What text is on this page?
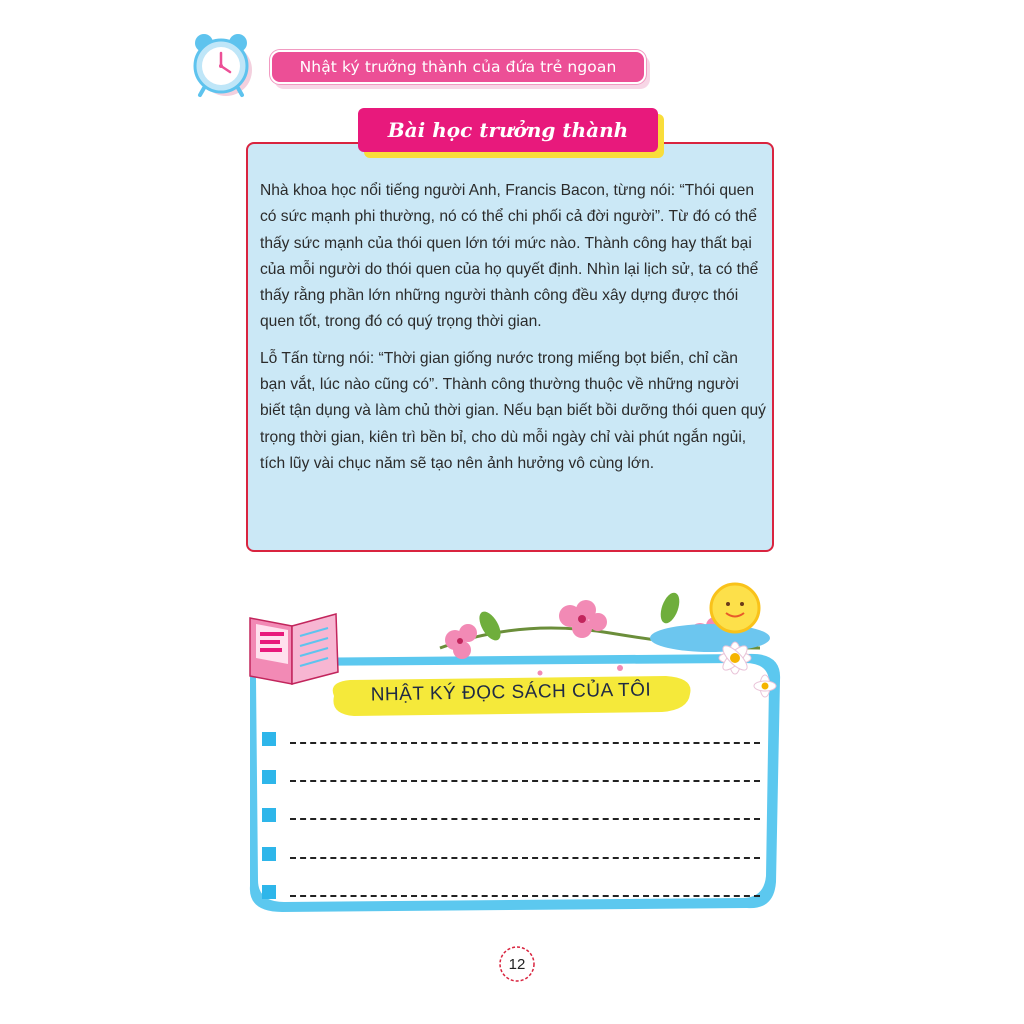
Nhật ký trưởng thành của đứa trẻ ngoan
Bài học trưởng thành

Nhà khoa học nổi tiếng người Anh, Francis Bacon, từng nói: “Thói quen có sức mạnh phi thường, nó có thể chi phối cả đời người”. Từ đó có thể thấy sức mạnh của thói quen lớn tới mức nào. Thành công hay thất bại của mỗi người do thói quen của họ quyết định. Nhìn lại lịch sử, ta có thể thấy rằng phần lớn những người thành công đều xây dựng được thói quen tốt, trong đó có quý trọng thời gian.

Lỗ Tấn từng nói: “Thời gian giống nước trong miếng bọt biển, chỉ cần bạn vắt, lúc nào cũng có”. Thành công thường thuộc về những người biết tận dụng và làm chủ thời gian. Nếu bạn biết bồi dưỡng thói quen quý trọng thời gian, kiên trì bền bỉ, cho dù mỗi ngày chỉ vài phút ngắn ngủi, tích lũy vài chục năm sẽ tạo nên ảnh hưởng vô cùng lớn.

NHẬT KÝ ĐỌC SÁCH CỦA TÔI
12
